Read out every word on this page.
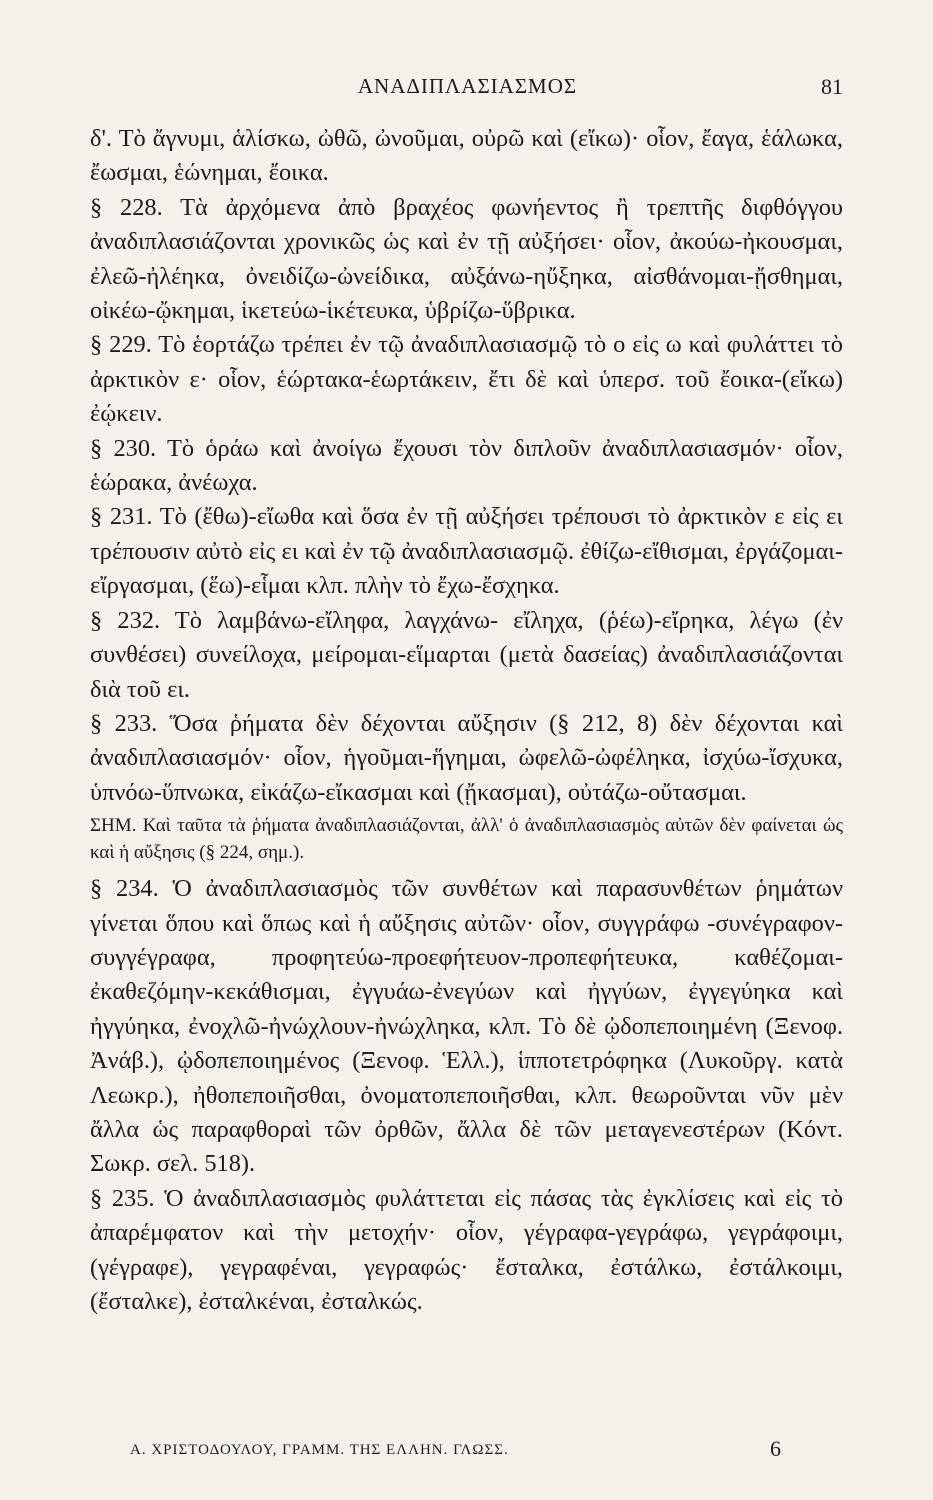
ΑΝΑΔΙΠΛΑΣΙΑΣΜΟΣ	81

δ'. Τὸ ἄγνυμι, ἁλίσκω, ὠθῶ, ὠνοῦμαι, οὐρῶ καὶ (εἴκω)· οἷον, ἔαγα, ἑάλωκα, ἔωσμαι, ἑώνημαι, ἔοικα.

§ 228. Τὰ ἀρχόμενα ἀπὸ βραχέος φωνήεντος ἢ τρεπτῆς διφθόγγου ἀναδιπλασιάζονται χρονικῶς ὡς καὶ ἐν τῇ αὐξήσει· οἷον, ἀκούω-ἠκουσμαι, ἐλεῶ-ἠλέηκα, ὀνειδίζω-ὠνείδικα, αὐξάνω-ηὔξηκα, αἰσθάνομαι-ᾔσθημαι, οἰκέω-ᾤκημαι, ἱκετεύω-ἱκέτευκα, ὑβρίζω-ὕβρικα.

§ 229. Τὸ ἑορτάζω τρέπει ἐν τῷ ἀναδιπλασιασμῷ τὸ ο εἰς ω καὶ φυλάττει τὸ ἀρκτικὸν ε· οἷον, ἑώρτακα-ἑωρτάκειν, ἔτι δὲ καὶ ὑπερσ. τοῦ ἔοικα-(εἴκω) ἐῴκειν.

§ 230. Τὸ ὁράω καὶ ἀνοίγω ἔχουσι τὸν διπλοῦν ἀναδιπλασιασμόν· οἷον, ἑώρακα, ἀνέωχα.

§ 231. Τὸ (ἔθω)-εἴωθα καὶ ὅσα ἐν τῇ αὐξήσει τρέπουσι τὸ ἀρκτικὸν ε εἰς ει τρέπουσιν αὐτὸ εἰς ει καὶ ἐν τῷ ἀναδιπλασιασμῷ. ἐθίζω-εἴθισμαι, ἐργάζομαι-εἴργασμαι, (ἕω)-εἷμαι κλπ. πλὴν τὸ ἔχω-ἔσχηκα.

§ 232. Τὸ λαμβάνω-εἴληφα, λαγχάνω- εἴληχα, (ῥέω)-εἴρηκα, λέγω (ἐν συνθέσει) συνείλοχα, μείρομαι-εἵμαρται (μετὰ δασείας) ἀναδιπλασιάζονται διὰ τοῦ ει.

§ 233. Ὅσα ῥήματα δὲν δέχονται αὔξησιν (§ 212, 8) δὲν δέχονται καὶ ἀναδιπλασιασμόν· οἷον, ἡγοῦμαι-ἥγημαι, ὠφελῶ-ὠφέληκα, ἰσχύω-ἴσχυκα, ὑπνόω-ὕπνωκα, εἰκάζω-εἴκασμαι καὶ (ᾔκασμαι), οὐτάζω-οὔτασμαι.

ΣΗΜ. Καὶ ταῦτα τὰ ῥήματα ἀναδιπλασιάζονται, ἀλλ' ὁ ἀναδιπλασιασμὸς αὐτῶν δὲν φαίνεται ὡς καὶ ἡ αὔξησις (§ 224, σημ.).

§ 234. Ὁ ἀναδιπλασιασμὸς τῶν συνθέτων καὶ παρασυνθέτων ῥημάτων γίνεται ὅπου καὶ ὅπως καὶ ἡ αὔξησις αὐτῶν· οἷον, συγγράφω -συνέγραφον-συγγέγραφα, προφητεύω-προεφήτευον-προπεφήτευκα, καθέζομαι-ἐκαθεζόμην-κεκάθισμαι, ἐγγυάω-ἐνεγύων καὶ ἠγγύων, ἐγγεγύηκα καὶ ἠγγύηκα, ἐνοχλῶ-ἠνώχλουν-ἠνώχληκα, κλπ. Τὸ δὲ ᾠδοπεποιημένη (Ξενοφ. Ἀνάβ.), ᾠδοπεποιημένος (Ξενοφ. Ἑλλ.), ἱπποτετρόφηκα (Λυκοῦργ. κατὰ Λεωκρ.), ἠθοπεποιῆσθαι, ὀνοματοπεποιῆσθαι, κλπ. θεωροῦνται νῦν μὲν ἄλλα ὡς παραφθοραὶ τῶν ὀρθῶν, ἄλλα δὲ τῶν μεταγενεστέρων (Κόντ. Σωκρ. σελ. 518).

§ 235. Ὁ ἀναδιπλασιασμὸς φυλάττεται εἰς πάσας τὰς ἐγκλίσεις καὶ εἰς τὸ ἀπαρέμφατον καὶ τὴν μετοχήν· οἷον, γέγραφα-γεγράφω, γεγράφοιμι, (γέγραφε), γεγραφέναι, γεγραφώς· ἔσταλκα, ἐστάλκω, ἐστάλκοιμι, (ἔσταλκε), ἐσταλκέναι, ἐσταλκώς.

Α. ΧΡΙΣΤΟΔΟΥΛΟΥ, ΓΡΑΜΜ. ΤΗΣ ΕΛΛΗΝ. ΓΛΩΣΣ.	6
